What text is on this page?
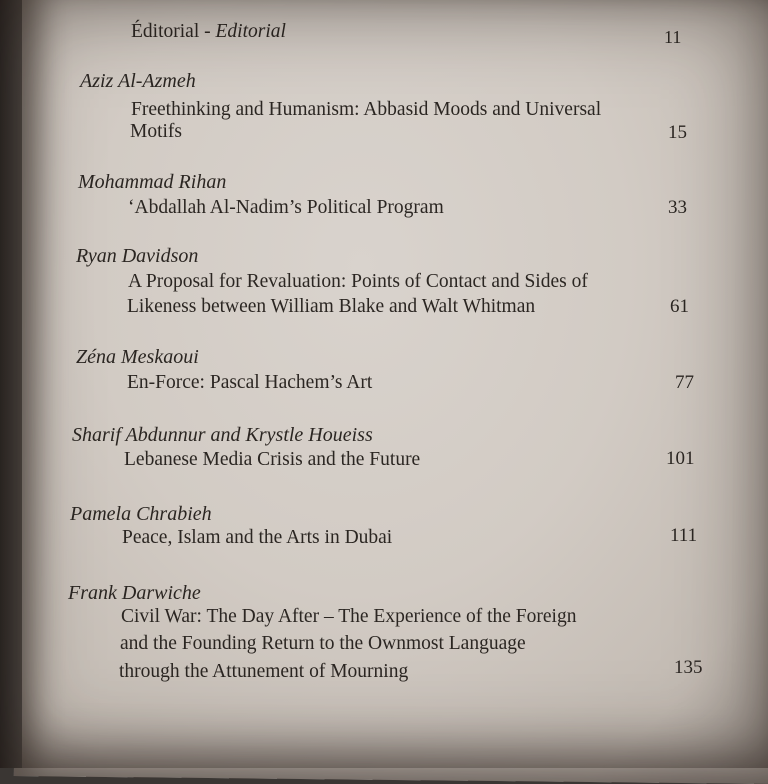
Éditorial - Editorial	11
Aziz Al-Azmeh
Freethinking and Humanism: Abbasid Moods and Universal
Motifs	15
Mohammad Rihan
‘Abdallah Al-Nadim’s Political Program	33
Ryan Davidson
A Proposal for Revaluation: Points of Contact and Sides of
Likeness between William Blake and Walt Whitman	61
Zéna Meskaoui
En-Force: Pascal Hachem’s Art	77
Sharif Abdunnur and Krystle Houeiss
Lebanese Media Crisis and the Future	101
Pamela Chrabieh
Peace, Islam and the Arts in Dubai	111
Frank Darwiche
Civil War: The Day After – The Experience of the Foreign
and the Founding Return to the Ownmost Language
through the Attunement of Mourning	135
